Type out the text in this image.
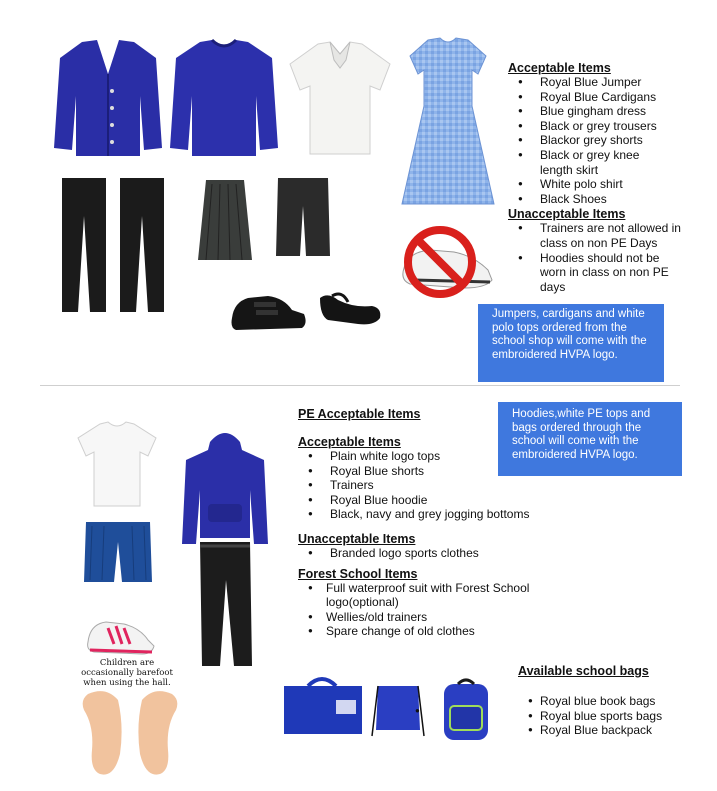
Acceptable Items
● Royal Blue Jumper
● Royal Blue Cardigans
● Blue gingham dress
● Black or grey trousers
● Blackor grey shorts
● Black or grey knee length skirt
● White polo shirt
● Black Shoes
Unacceptable Items
● Trainers are not allowed in class on non PE Days
● Hoodies should not be worn in class on non PE days
Jumpers, cardigans and white polo tops ordered from the school shop will come with the embroidered HVPA logo.
Children are occasionally barefoot when using the hall.
PE Acceptable Items
Acceptable Items
● Plain white logo tops
● Royal Blue shorts
● Trainers
● Royal Blue hoodie
● Black, navy and grey jogging bottoms
Unacceptable Items
● Branded logo sports clothes
Forest School Items
● Full waterproof suit with Forest School logo(optional)
● Wellies/old trainers
● Spare change of old clothes
Hoodies,white PE tops and bags ordered through the school will come with the embroidered HVPA logo.
●
Available school bags
● Royal blue book bags
● Royal blue sports bags
● Royal Blue backpack
